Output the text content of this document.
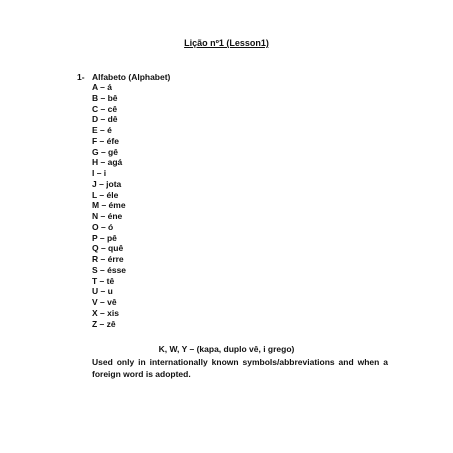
Lição nº1 (Lesson1)
1- Alfabeto (Alphabet)
A – á
B – bê
C – cê
D – dê
E – é
F – éfe
G – gê
H – agá
I – i
J – jota
L – éle
M – éme
N – éne
O – ó
P – pê
Q – quê
R – érre
S – ésse
T – tê
U – u
V – vê
X – xis
Z – zê
K, W, Y – (kapa, duplo vê, i grego)

Used only in internationally known symbols/abbreviations and when a foreign word is adopted.
